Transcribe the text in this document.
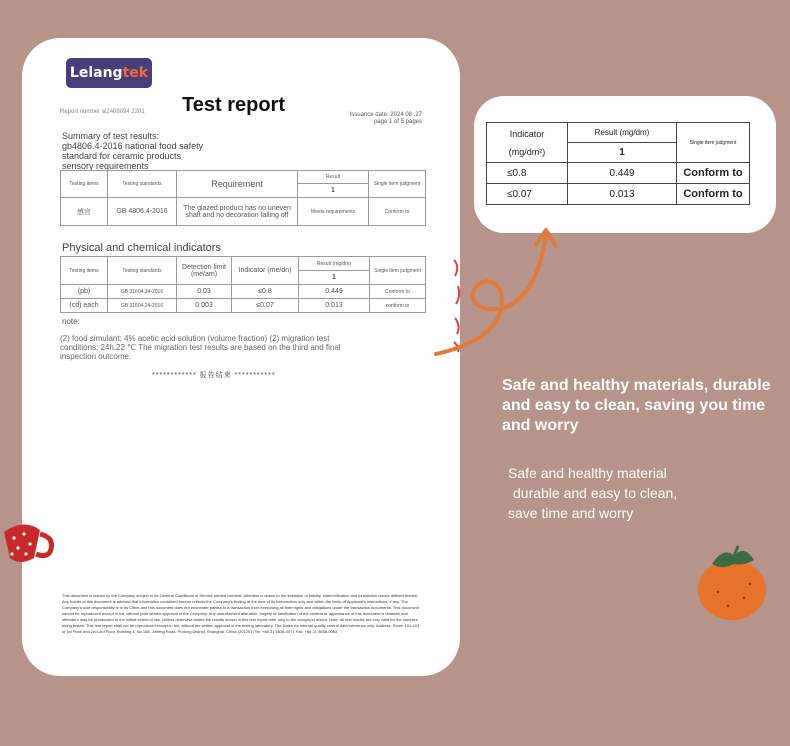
Lelang tek
Report number al2408094 2201 Test report	Issuance date: 2024 08 .27
page 1 of 5 pages
Summary of test results:
gb4806.4-2016 national food safety
standard for ceramic products
sensory requirements
Testing items	Testing standards	Requirement	Result	Single item judgment
			1	
感官	GB 4806.4-2016	The glazed product has no uneven shaft and no decoration falling off	Meets requirements	Conform to
Physical and chemical indicators
Testing items	Testing standards	Detection limit (me/am)	Indicator (me/dn)	Result (mg/dm)	Single item judgment
				1	
(pb)	GB 31604.34-2016	0.03	≤0.8	0.449	Conform to
(cd) each	GB 31604.24-2016	0.003	≤0.07	0.013	conform to
note:
(2) food simulant: 4% acetic acid solution (volume fraction) (2) migration test conditions: 24h.22 ℃ The migration test results are based on the third and final inspection outcome.
************ 报告结束 ***********
This document is issued by the Company subject to its General Conditions of Service printed overleaf. Attention is drawn to the limitation of liability, indemnification and jurisdiction issues defined therein. Any holder of this document is advised that information contained hereon reflects the Company's finding at the time of its intervention only and within the limits of Applicant's instructions, if any. The Company's sole responsibility is to its Client and this document does not exonerate parties to a transaction from exercising all their rights and obligations under the transaction documents. This document cannot be reproduced except in full, without prior written approval of the Company. Any unauthorized alteration, forgery or falsification of the content or appearance of this document is unlawful and offenders may be prosecuted to the fullest extent of law. Unless otherwise stated the results shown in this test report refer only to the sample(s) tested. Note: All test results are only valid for the samples being tested. This test report shall not be reproduced except in full, without the written approval of the testing laboratory. The Dates for internal quality control data reference only. Address: Room 101-103 of 1st Floor and 2nd-3rd Floor, Building 4, No.158, Jinfeng Road, Pudong District, Shanghai, China (201201) Tel: +86 21 5838-0071 Fax: +86 21 5838-0083
Indicator
(mg/dm²)	Result (mg/dm)	Single item judgment
	1	
≤0.8	0.449	Conform to
≤0.07	0.013	Conform to
Safe and healthy materials, durable and easy to clean, saving you time and worry
Safe and healthy material
durable and easy to clean,
save time and worry
